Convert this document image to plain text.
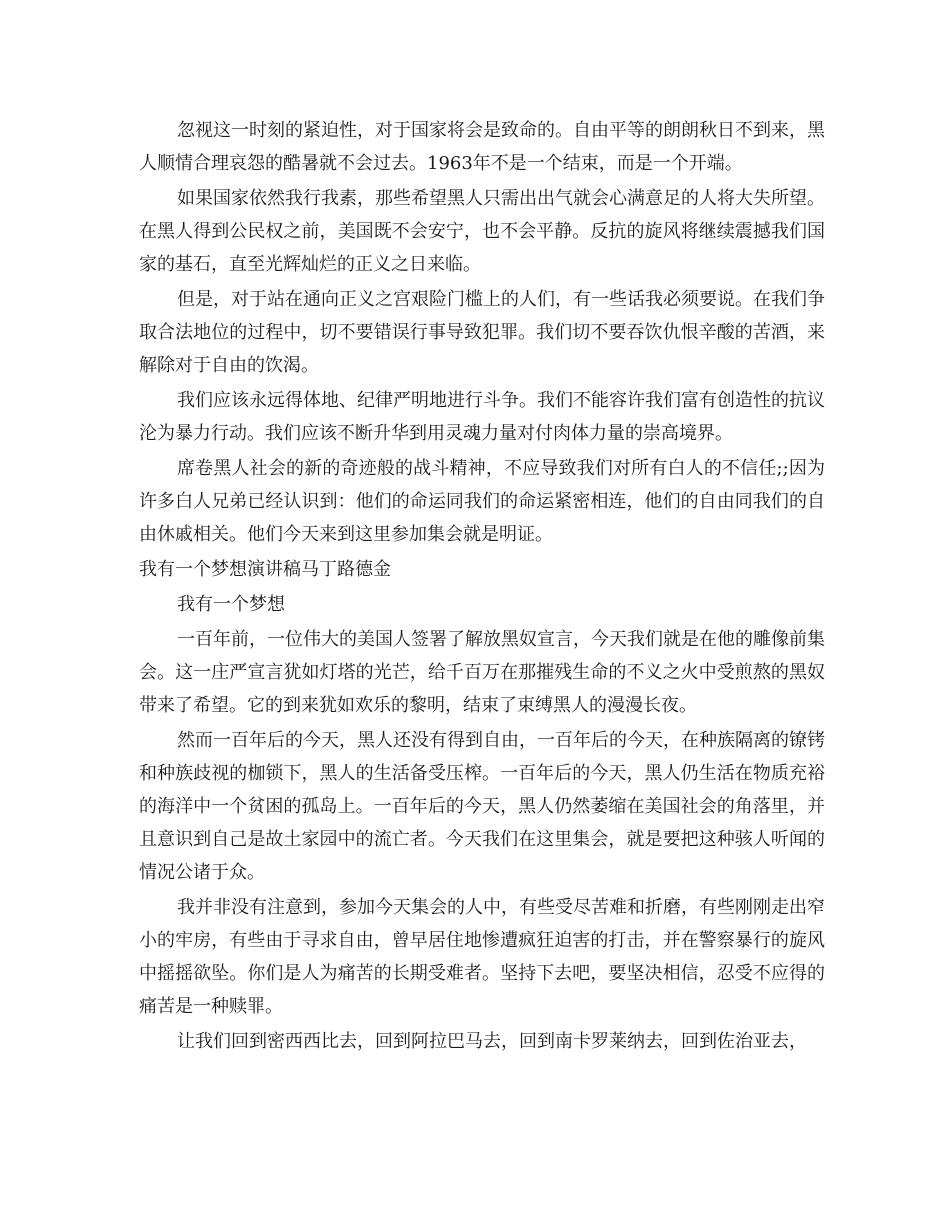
忽视这一时刻的紧迫性，对于国家将会是致命的。自由平等的朗朗秋日不到来，黑人顺情合理哀怨的酷暑就不会过去。1963年不是一个结束，而是一个开端。

如果国家依然我行我素，那些希望黑人只需出出气就会心满意足的人将大失所望。在黑人得到公民权之前，美国既不会安宁，也不会平静。反抗的旋风将继续震撼我们国家的基石，直至光辉灿烂的正义之日来临。

但是，对于站在通向正义之宫艰险门槛上的人们，有一些话我必须要说。在我们争取合法地位的过程中，切不要错误行事导致犯罪。我们切不要吞饮仇恨辛酸的苦酒，来解除对于自由的饮渴。

我们应该永远得体地、纪律严明地进行斗争。我们不能容许我们富有创造性的抗议沦为暴力行动。我们应该不断升华到用灵魂力量对付肉体力量的崇高境界。

席卷黑人社会的新的奇迹般的战斗精神，不应导致我们对所有白人的不信任;;因为许多白人兄弟已经认识到：他们的命运同我们的命运紧密相连，他们的自由同我们的自由休戚相关。他们今天来到这里参加集会就是明证。

我有一个梦想演讲稿马丁路德金

我有一个梦想

一百年前，一位伟大的美国人签署了解放黑奴宣言，今天我们就是在他的雕像前集会。这一庄严宣言犹如灯塔的光芒，给千百万在那摧残生命的不义之火中受煎熬的黑奴带来了希望。它的到来犹如欢乐的黎明，结束了束缚黑人的漫漫长夜。

然而一百年后的今天，黑人还没有得到自由，一百年后的今天，在种族隔离的镣铐和种族歧视的枷锁下，黑人的生活备受压榨。一百年后的今天，黑人仍生活在物质充裕的海洋中一个贫困的孤岛上。一百年后的今天，黑人仍然萎缩在美国社会的角落里，并且意识到自己是故土家园中的流亡者。今天我们在这里集会，就是要把这种骇人听闻的情况公诸于众。

我并非没有注意到，参加今天集会的人中，有些受尽苦难和折磨，有些刚刚走出窄小的牢房，有些由于寻求自由，曾早居住地惨遭疯狂迫害的打击，并在警察暴行的旋风中摇摇欲坠。你们是人为痛苦的长期受难者。坚持下去吧，要坚决相信，忍受不应得的痛苦是一种赎罪。

让我们回到密西西比去，回到阿拉巴马去，回到南卡罗莱纳去，回到佐治亚去，
